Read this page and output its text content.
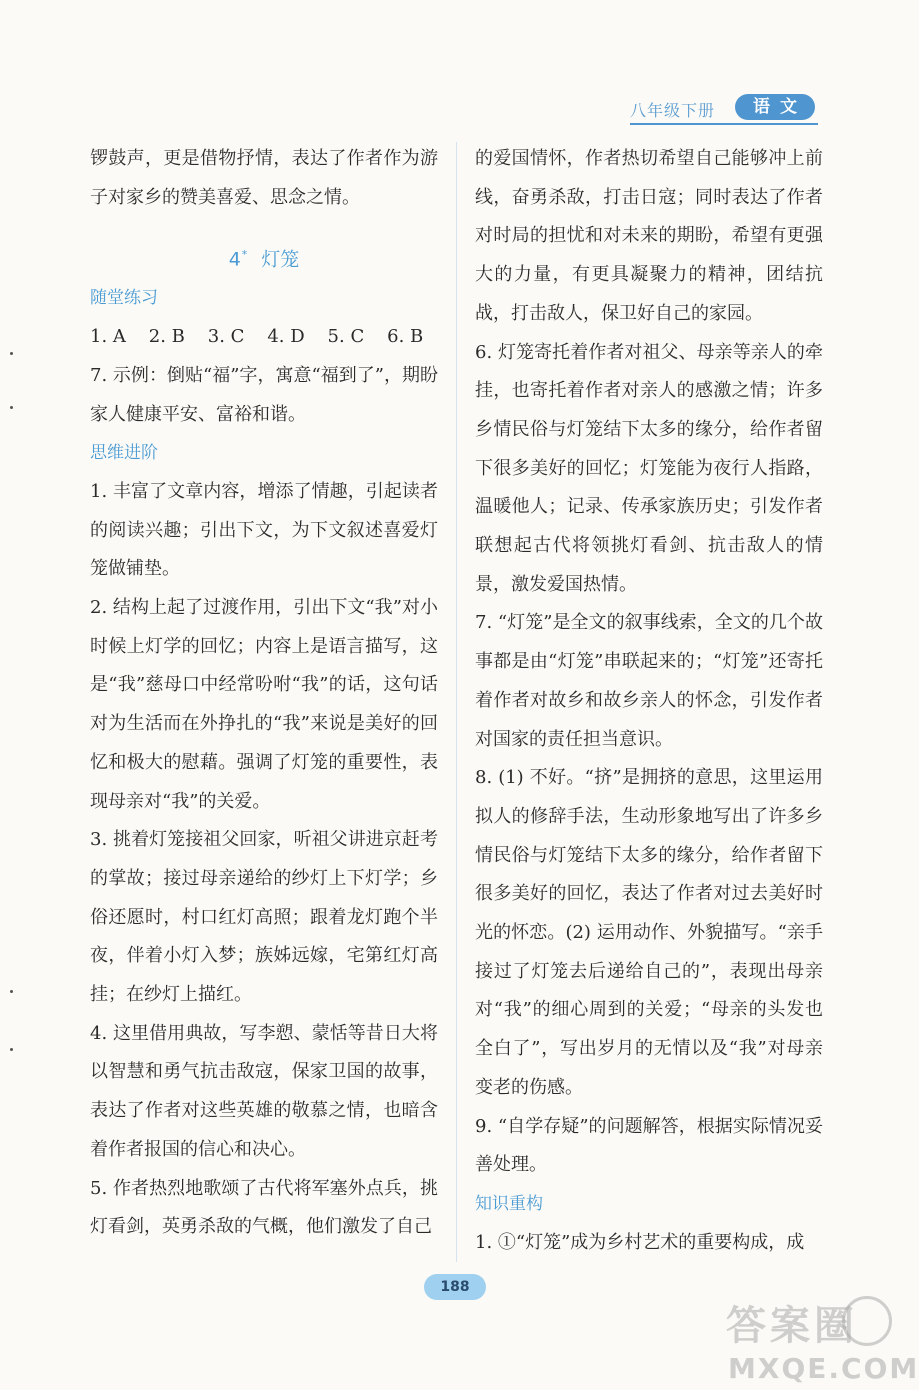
八年级下册	语文

锣鼓声，更是借物抒情，表达了作者作为游子对家乡的赞美喜爱、思念之情。

4* 灯笼

随堂练习

1. A    2. B    3. C    4. D    5. C    6. B

7. 示例：倒贴“福”字，寓意“福到了”，期盼家人健康平安、富裕和谐。

思维进阶

1. 丰富了文章内容，增添了情趣，引起读者的阅读兴趣；引出下文，为下文叙述喜爱灯笼做铺垫。

2. 结构上起了过渡作用，引出下文“我”对小时候上灯学的回忆；内容上是语言描写，这是“我”慈母口中经常吩咐“我”的话，这句话对为生活而在外挣扎的“我”来说是美好的回忆和极大的慰藉。强调了灯笼的重要性，表现母亲对“我”的关爱。

3. 挑着灯笼接祖父回家，听祖父讲进京赶考的掌故；接过母亲递给的纱灯上下灯学；乡俗还愿时，村口红灯高照；跟着龙灯跑个半夜，伴着小灯入梦；族姊远嫁，宅第红灯高挂；在纱灯上描红。

4. 这里借用典故，写李愬、蒙恬等昔日大将以智慧和勇气抗击敌寇，保家卫国的故事，表达了作者对这些英雄的敬慕之情，也暗含着作者报国的信心和决心。

5. 作者热烈地歌颂了古代将军塞外点兵，挑灯看剑，英勇杀敌的气概，他们激发了自己

的爱国情怀，作者热切希望自己能够冲上前线，奋勇杀敌，打击日寇；同时表达了作者对时局的担忧和对未来的期盼，希望有更强大的力量，有更具凝聚力的精神，团结抗战，打击敌人，保卫好自己的家园。

6. 灯笼寄托着作者对祖父、母亲等亲人的牵挂，也寄托着作者对亲人的感激之情；许多乡情民俗与灯笼结下太多的缘分，给作者留下很多美好的回忆；灯笼能为夜行人指路，温暖他人；记录、传承家族历史；引发作者联想起古代将领挑灯看剑、抗击敌人的情景，激发爱国热情。

7. “灯笼”是全文的叙事线索，全文的几个故事都是由“灯笼”串联起来的；“灯笼”还寄托着作者对故乡和故乡亲人的怀念，引发作者对国家的责任担当意识。

8. (1) 不好。“挤”是拥挤的意思，这里运用拟人的修辞手法，生动形象地写出了许多乡情民俗与灯笼结下太多的缘分，给作者留下很多美好的回忆，表达了作者对过去美好时光的怀恋。(2) 运用动作、外貌描写。“亲手接过了灯笼去后递给自己的”，表现出母亲对“我”的细心周到的关爱；“母亲的头发也全白了”，写出岁月的无情以及“我”对母亲变老的伤感。

9. “自学存疑”的问题解答，根据实际情况妥善处理。

知识重构

1. ①“灯笼”成为乡村艺术的重要构成，成

188
答案圈
MXQE.COM
